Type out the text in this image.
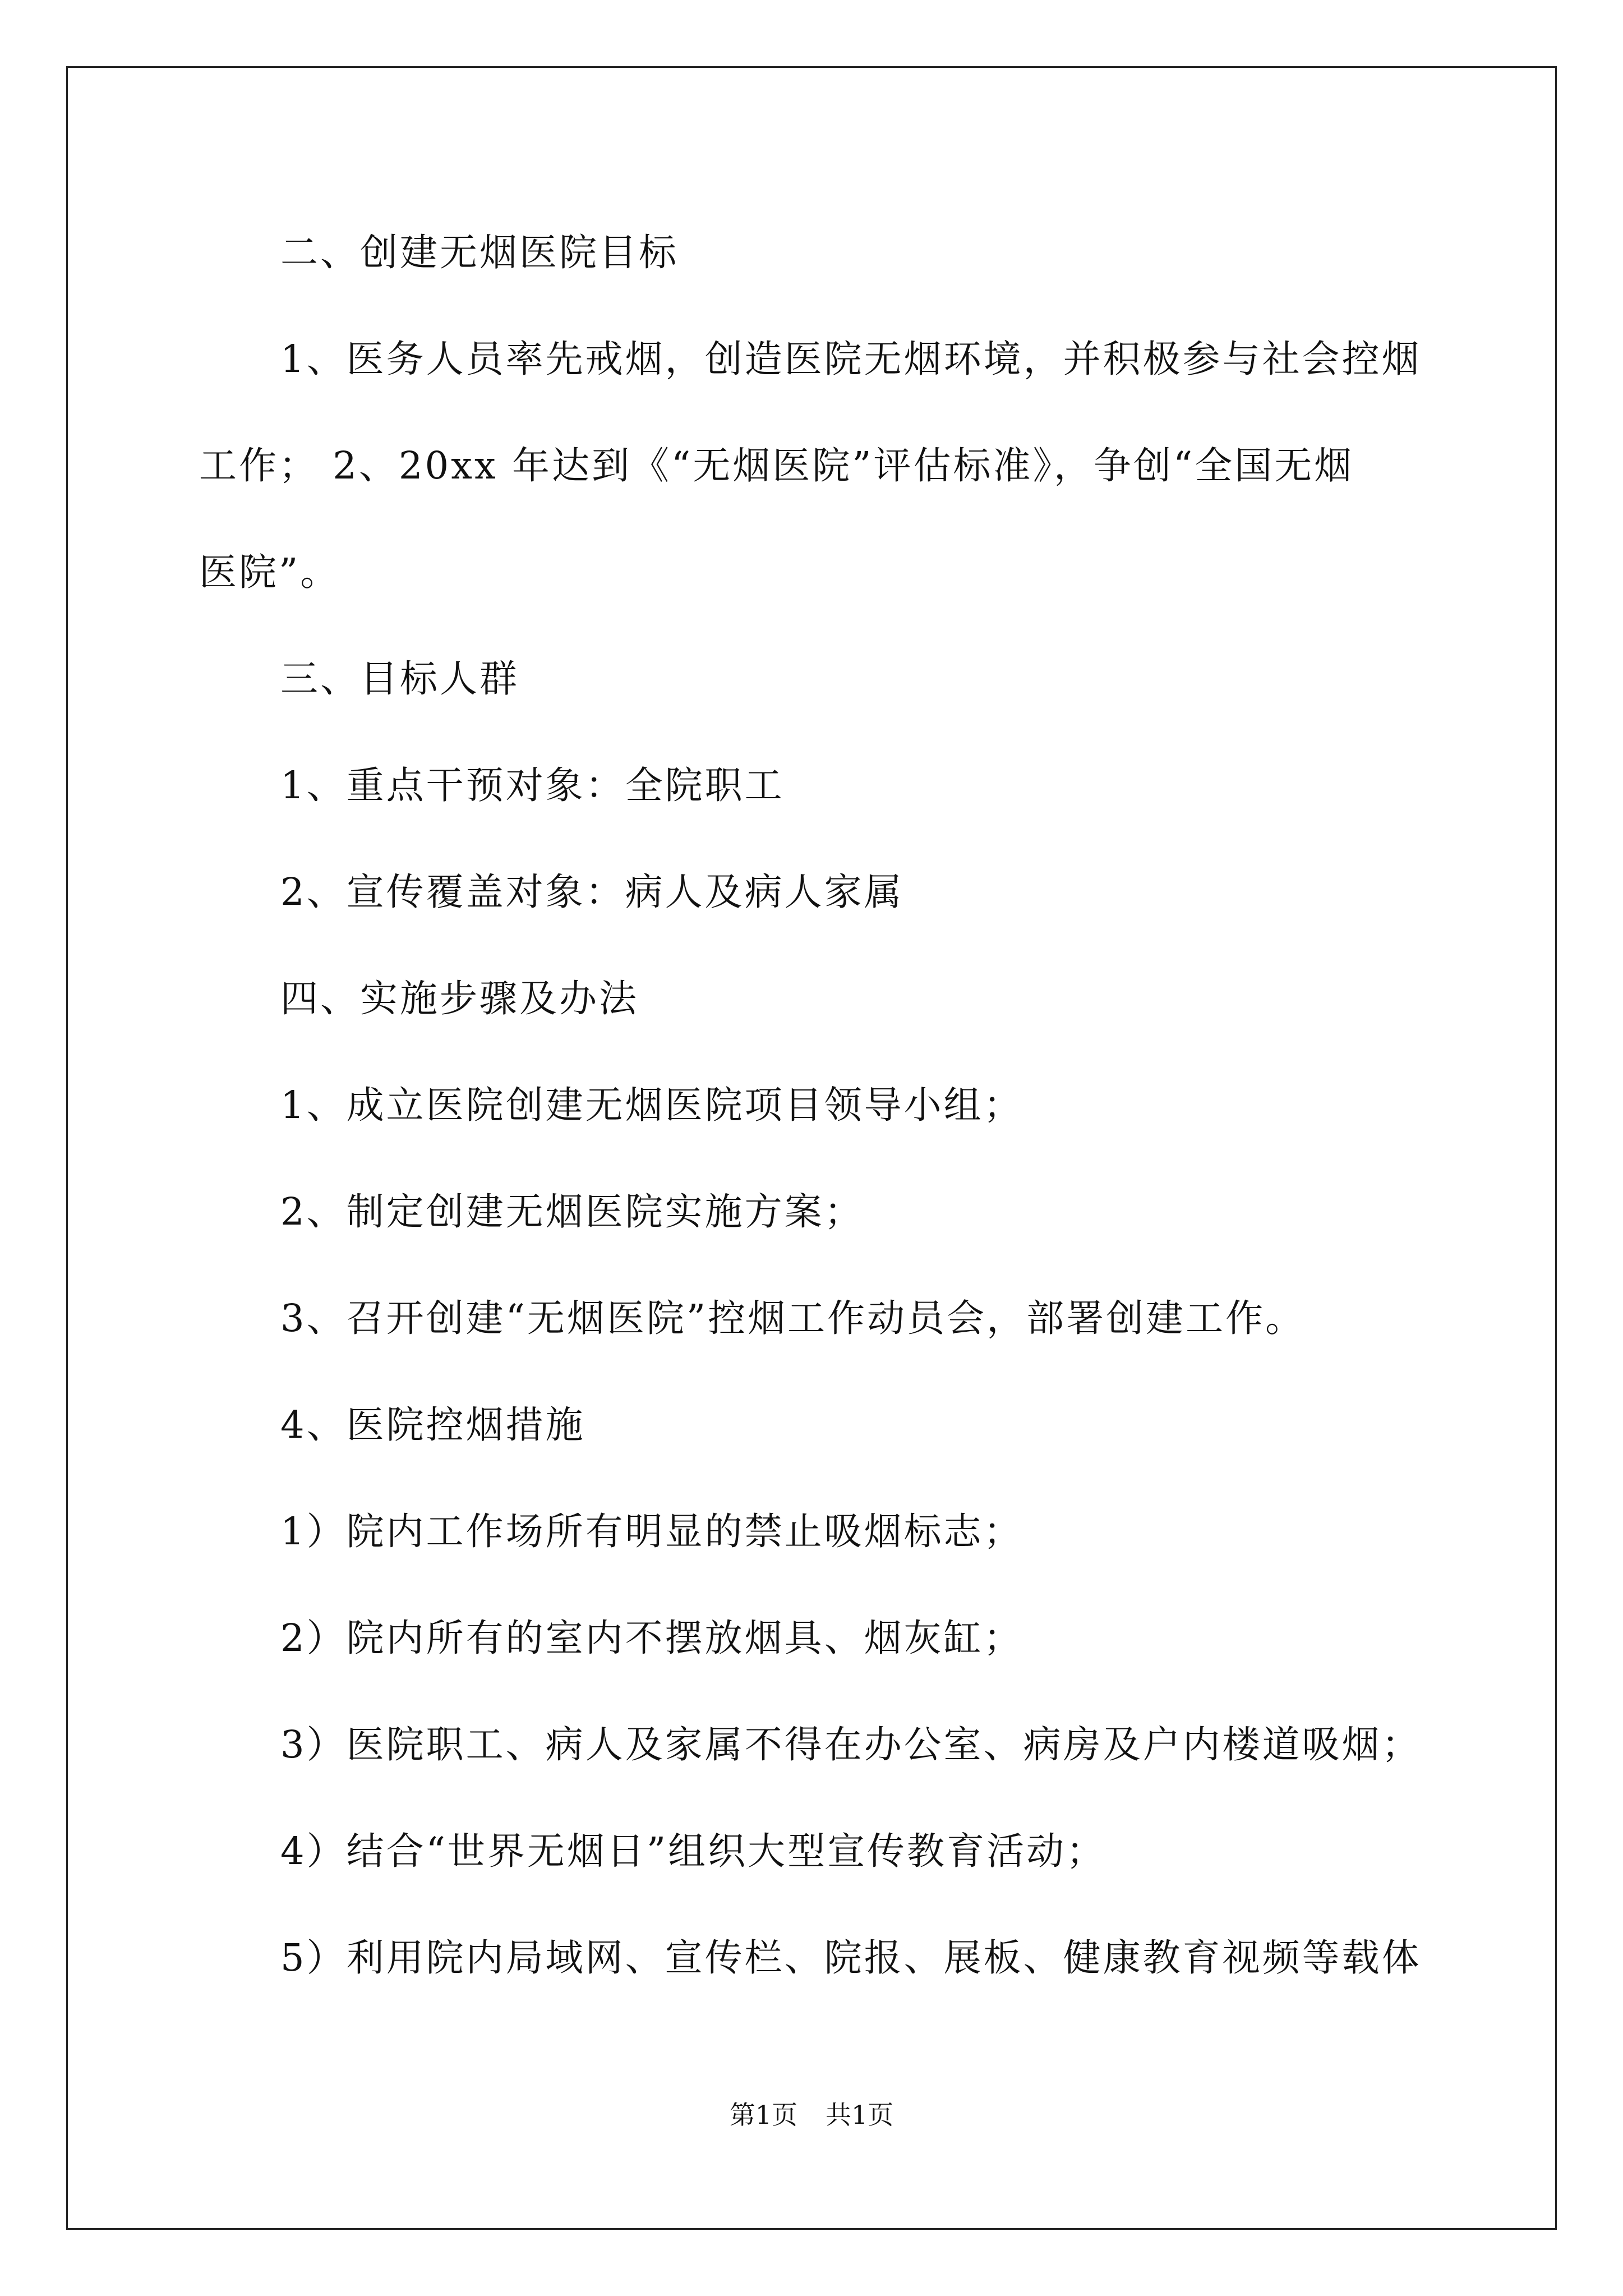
二、创建无烟医院目标
1、医务人员率先戒烟，创造医院无烟环境，并积极参与社会控烟
工作； 2、20xx 年达到《“无烟医院”评估标准》，争创“全国无烟
医院”。
三、目标人群
1、重点干预对象：全院职工
2、宣传覆盖对象：病人及病人家属
四、实施步骤及办法
1、成立医院创建无烟医院项目领导小组；
2、制定创建无烟医院实施方案；
3、召开创建“无烟医院”控烟工作动员会，部署创建工作。
4、医院控烟措施
1）院内工作场所有明显的禁止吸烟标志；
2）院内所有的室内不摆放烟具、烟灰缸；
3）医院职工、病人及家属不得在办公室、病房及户内楼道吸烟；
4）结合“世界无烟日”组织大型宣传教育活动；
5）利用院内局域网、宣传栏、院报、展板、健康教育视频等载体
第1页 共1页
